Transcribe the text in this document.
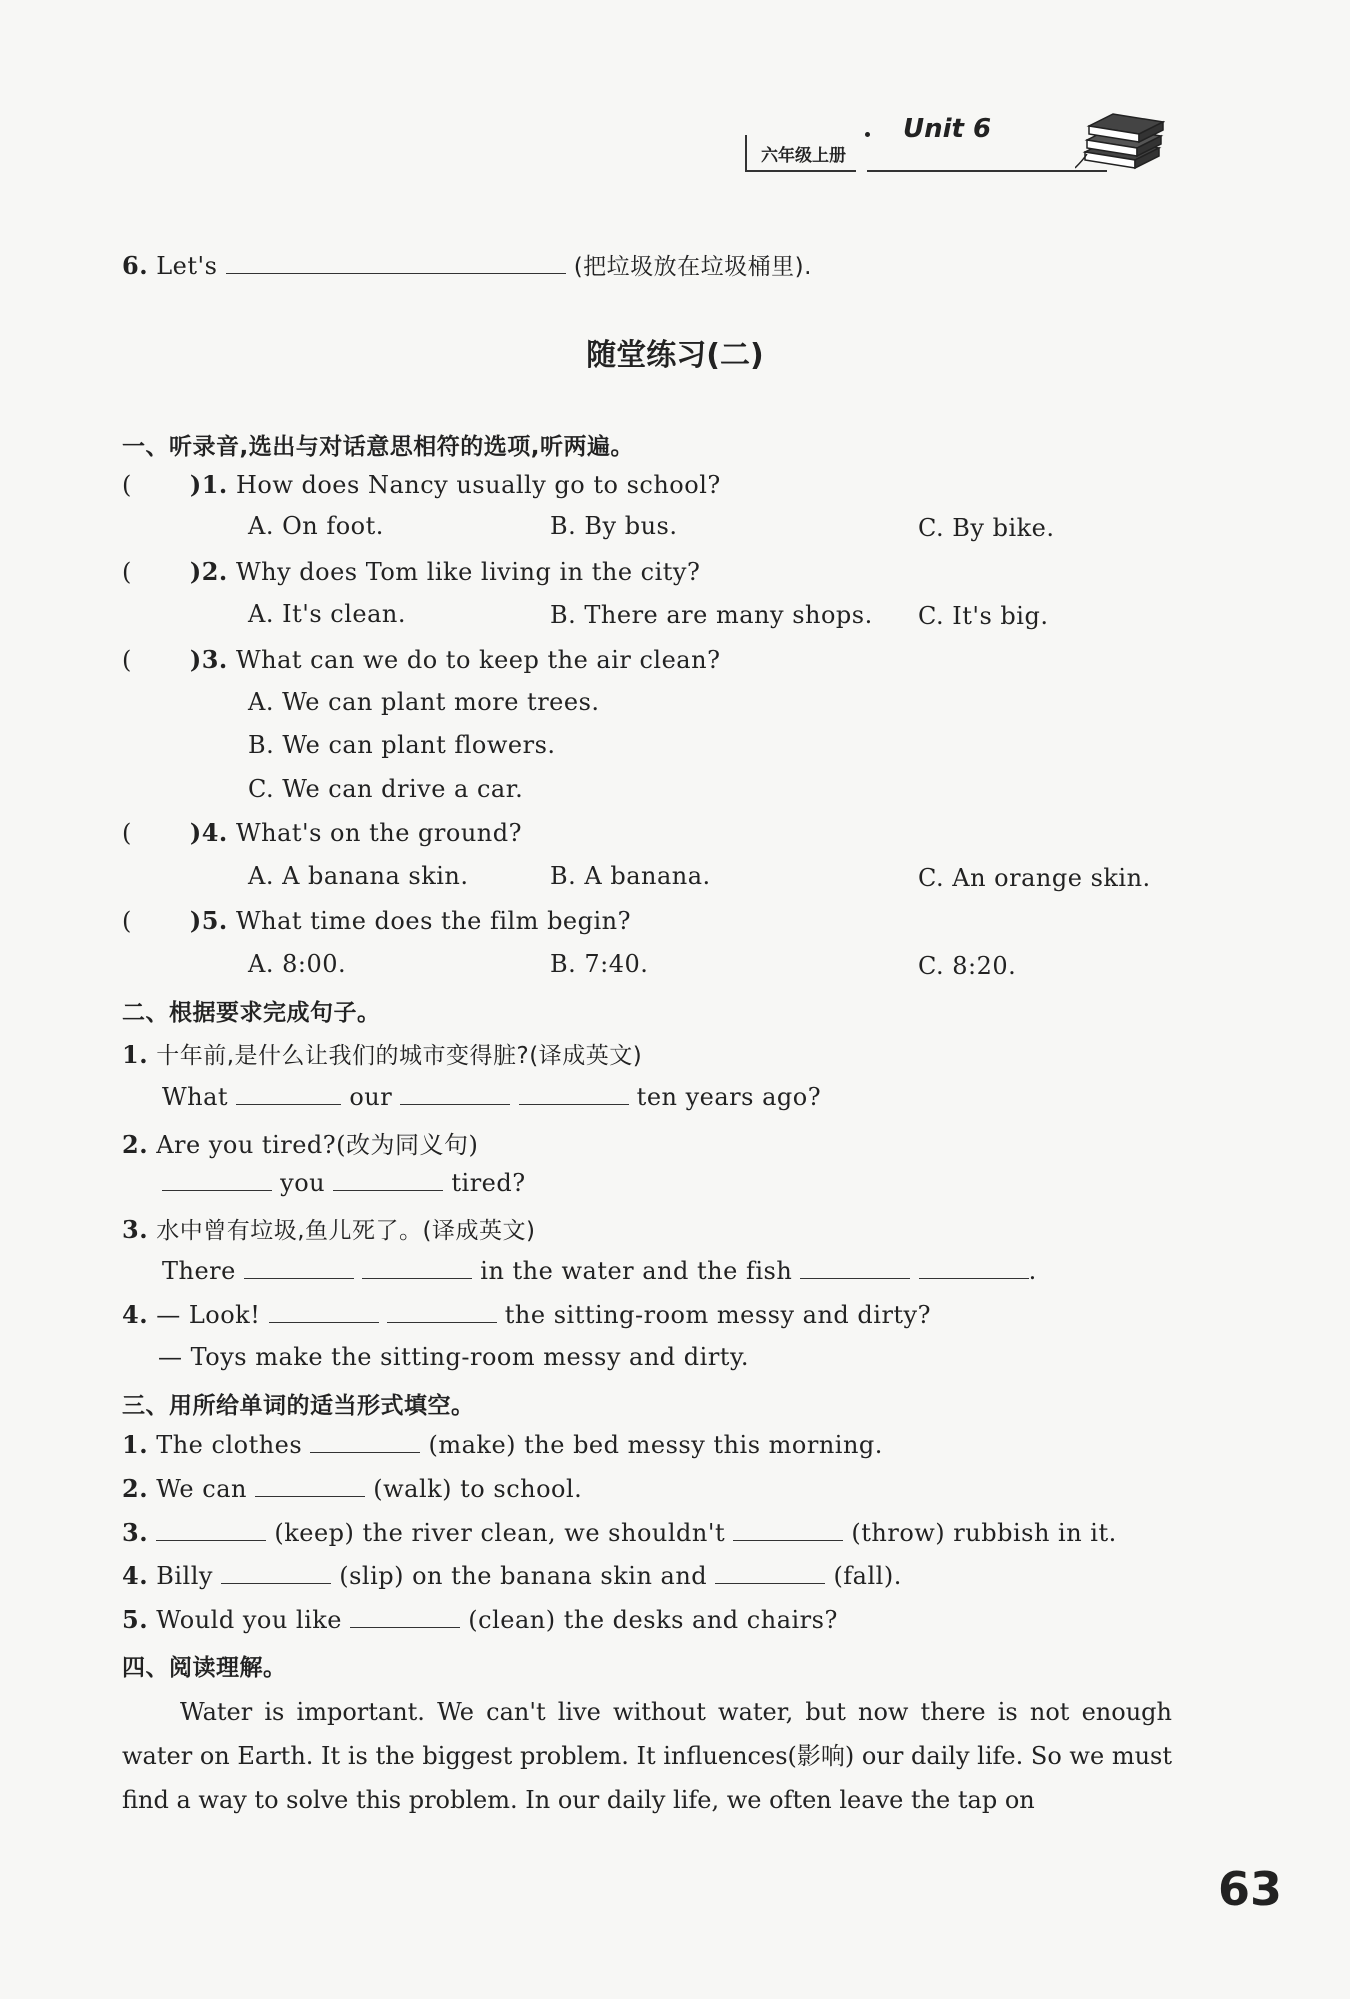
六年级上册
Unit 6
6. Let's	(把垃圾放在垃圾桶里).
随堂练习(二)
一、听录音,选出与对话意思相符的选项,听两遍。
( )1. How does Nancy usually go to school?
A. On foot.	B. By bus.	C. By bike.
( )2. Why does Tom like living in the city?
A. It's clean.	B. There are many shops. C. It's big.
( )3. What can we do to keep the air clean?
A. We can plant more trees.
B. We can plant flowers.
C. We can drive a car.
( )4. What's on the ground?
A. A banana skin.	B. A banana.	C. An orange skin.
( )5. What time does the film begin?
A. 8:00.	B. 7:40.	C. 8:20.
二、根据要求完成句子。
1. 十年前,是什么让我们的城市变得脏?(译成英文)
What	our	ten years ago?
2. Are you tired?(改为同义句)
you	tired?
3. 水中曾有垃圾,鱼儿死了。(译成英文)
There	in the water and the fish	.
4. — Look!	the sitting-room messy and dirty?
— Toys make the sitting-room messy and dirty.
三、用所给单词的适当形式填空。
1. The clothes	(make) the bed messy this morning.
2. We can	(walk) to school.
3.	(keep) the river clean, we shouldn't	(throw) rubbish in it.
4. Billy	(slip) on the banana skin and	(fall).
5. Would you like	(clean) the desks and chairs?
四、阅读理解。
Water is important. We can't live without water, but now there is not enough water on Earth. It is the biggest problem. It influences(影响) our daily life. So we must find a way to solve this problem. In our daily life, we often leave the tap on
63
